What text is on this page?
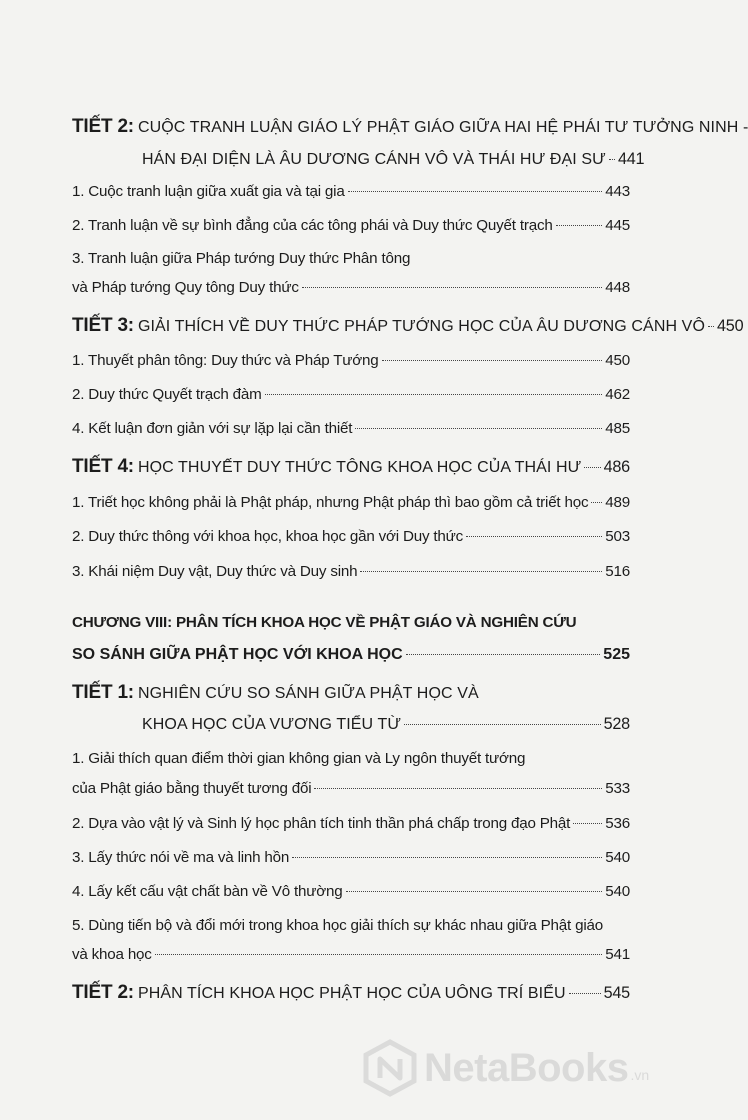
TIẾT 2: CUỘC TRANH LUẬN GIÁO LÝ PHẬT GIÁO GIỮA HAI HỆ PHÁI TƯ TƯỞNG NINH -
HÁN ĐẠI DIỆN LÀ ÂU DƯƠNG CÁNH VÔ VÀ THÁI HƯ ĐẠI SƯ 441
1. Cuộc tranh luận giữa xuất gia và tại gia	443
2. Tranh luận về sự bình đẳng của các tông phái và Duy thức Quyết trạch	445
3. Tranh luận giữa Pháp tướng Duy thức Phân tông
và Pháp tướng Quy tông Duy thức	448
TIẾT 3: GIẢI THÍCH VỀ DUY THỨC PHÁP TƯỚNG HỌC CỦA ÂU DƯƠNG CÁNH VÔ 450
1. Thuyết phân tông: Duy thức và Pháp Tướng	450
2. Duy thức Quyết trạch đàm	462
4. Kết luận đơn giản với sự lặp lại cần thiết	485
TIẾT 4: HỌC THUYẾT DUY THỨC TÔNG KHOA HỌC CỦA THÁI HƯ 486
1. Triết học không phải là Phật pháp, nhưng Phật pháp thì bao gồm cả triết học 489
2. Duy thức thông với khoa học, khoa học gần với Duy thức	503
3. Khái niệm Duy vật, Duy thức và Duy sinh	516
CHƯƠNG VIII: PHÂN TÍCH KHOA HỌC VỀ PHẬT GIÁO VÀ NGHIÊN CỨU
SO SÁNH GIỮA PHẬT HỌC VỚI KHOA HỌC	525
TIẾT 1: NGHIÊN CỨU SO SÁNH GIỮA PHẬT HỌC VÀ
KHOA HỌC CỦA VƯƠNG TIỂU TỪ	528
1. Giải thích quan điểm thời gian không gian và Ly ngôn thuyết tướng
của Phật giáo bằng thuyết tương đối	533
2. Dựa vào vật lý và Sinh lý học phân tích tinh thần phá chấp trong đạo Phật 536
3. Lấy thức nói về ma và linh hồn	540
4. Lấy kết cấu vật chất bàn về Vô thường	540
5. Dùng tiến bộ và đổi mới trong khoa học giải thích sự khác nhau giữa Phật giáo
và khoa học	541
TIẾT 2: PHÂN TÍCH KHOA HỌC PHẬT HỌC CỦA UÔNG TRÍ BIỂU 545
NetaBooks .vn
